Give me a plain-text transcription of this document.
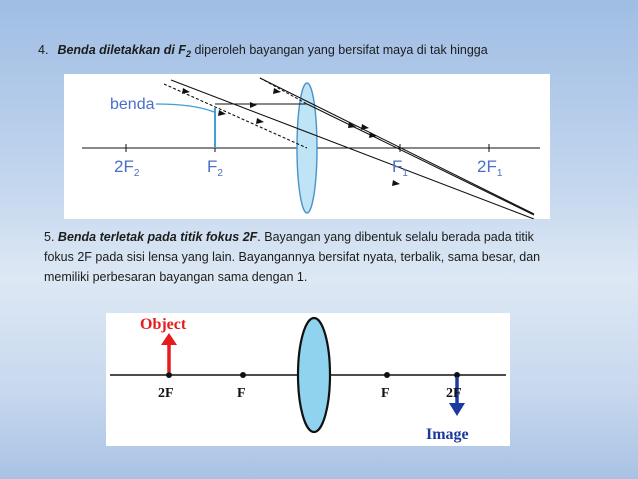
4. Benda diletakkan di $F_2$ diperoleh bayangan yang bersifat maya di tak hingga
benda
$2F_2$	$F_2$	$F_1$	$2F_1$
5. Benda terletak pada titik fokus 2F. Bayangan yang dibentuk selalu berada pada titik fokus 2F pada sisi lensa yang lain. Bayangannya bersifat nyata, terbalik, sama besar, dan memiliki perbesaran bayangan sama dengan 1.
Object
2F	F	F	2F
Image
